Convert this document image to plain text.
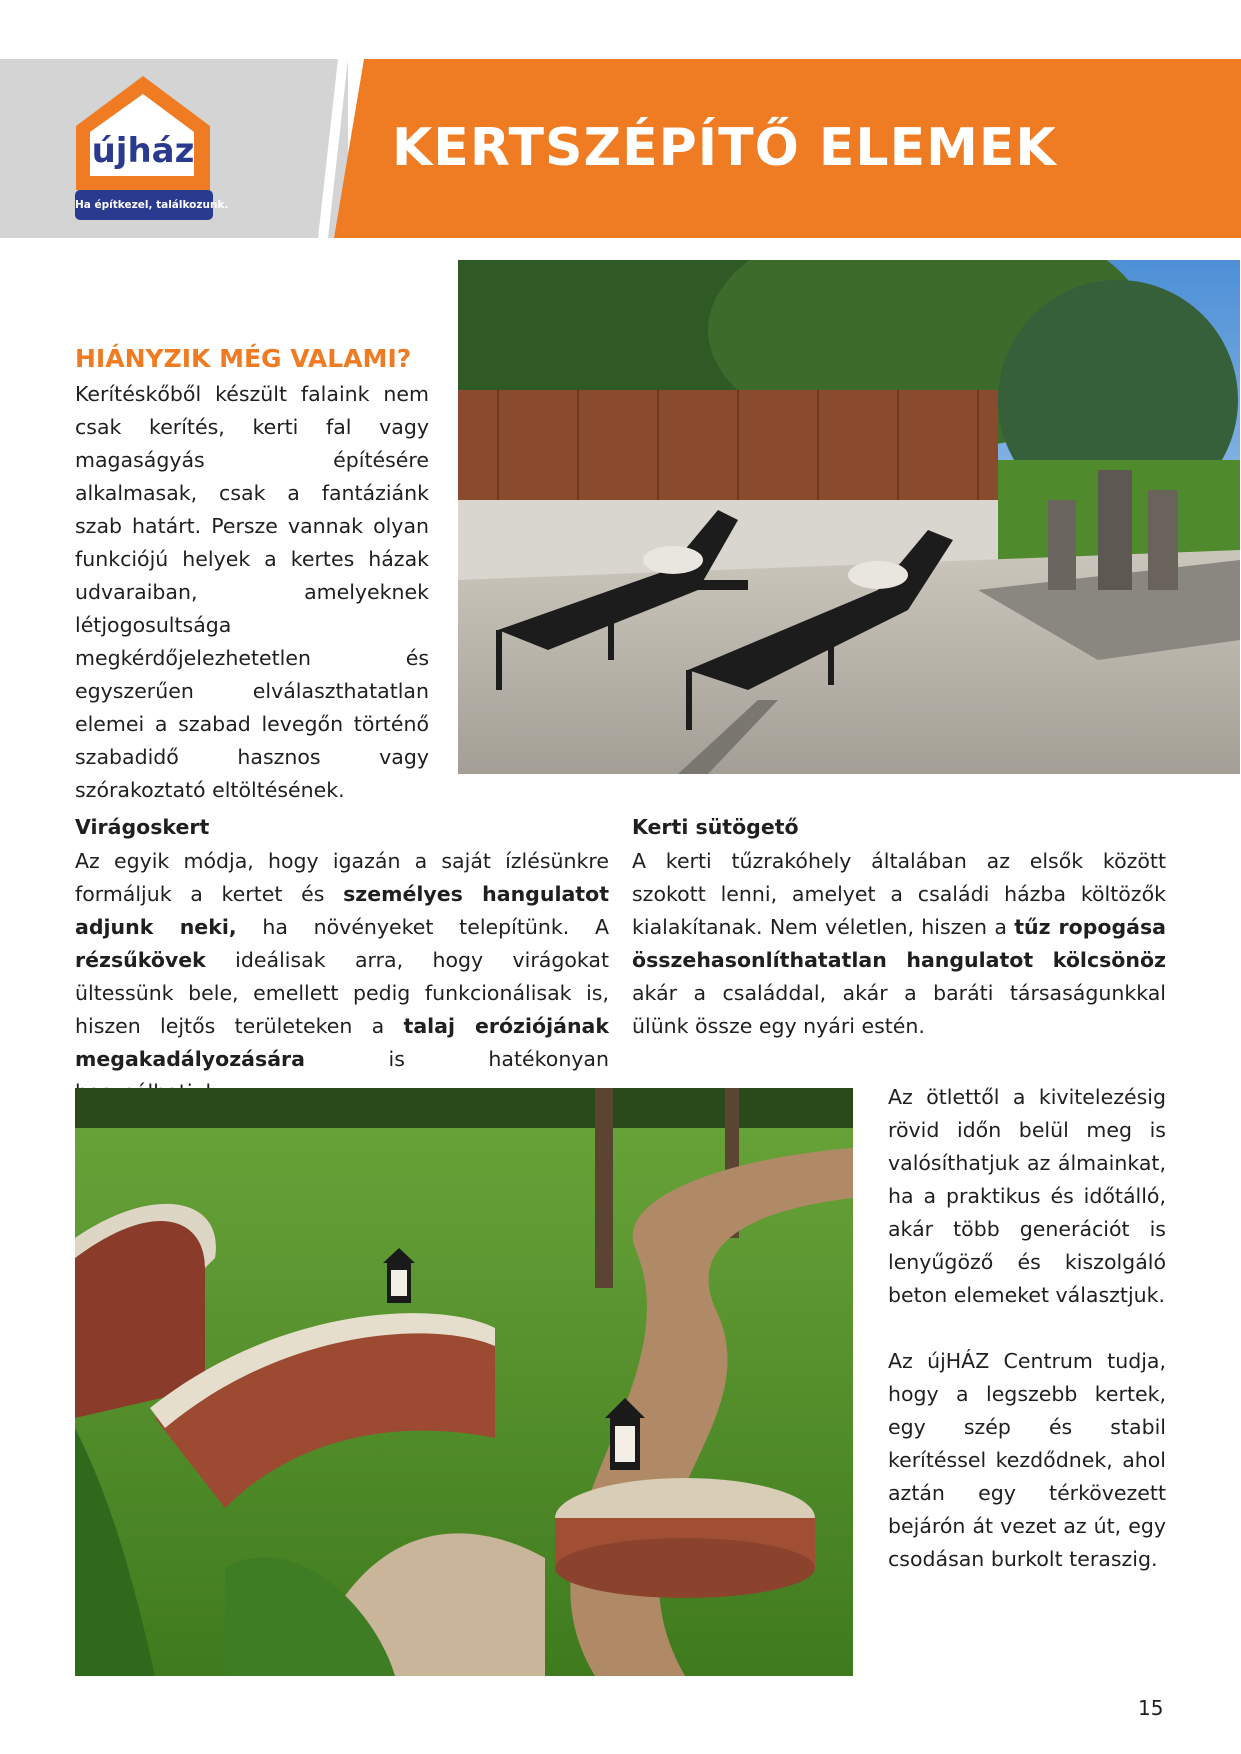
KERTSZÉPÍTŐ ELEMEK
újház
Ha építkezel, találkozunk.
HIÁNYZIK MÉG VALAMI?

Kerítéskőből készült falaink nem csak kerítés, kerti fal vagy magaságyás építésére alkalmasak, csak a fantáziánk szab határt. Persze vannak olyan funkciójú helyek a kertes házak udvaraiban, amelyeknek létjogosultsága megkérdőjelezhetetlen és egyszerűen elválaszthatatlan elemei a szabad levegőn történő szabadidő hasznos vagy szórakoztató eltöltésének.

Virágoskert

Az egyik módja, hogy igazán a saját ízlésünkre formáljuk a kertet és személyes hangulatot adjunk neki, ha növényeket telepítünk. A rézsűkövek ideálisak arra, hogy virágokat ültessünk bele, emellett pedig funkcionálisak is, hiszen lejtős területeken a talaj eróziójának megakadályozására	is hatékonyan

Kerti sütögető

A kerti tűzrakóhely általában az elsők között szokott lenni, amelyet a családi házba költözők kialakítanak. Nem véletlen, hiszen a tűz ropogása összehasonlíthatatlan hangulatot kölcsönöz akár a családdal, akár a baráti társaságunkkal ülünk össze egy nyári estén.

Az ötlettől a kivitelezésig rövid időn belül meg is valósíthatjuk az álmainkat, ha a praktikus és időtálló, akár több generációt is lenyűgöző és kiszolgáló beton elemeket választjuk.

Az újHÁZ Centrum tudja, hogy a legszebb kertek, egy szép és stabil kerítéssel kezdődnek, ahol aztán egy térkövezett bejárón át vezet az út, egy csodásan burkolt teraszig.

15
